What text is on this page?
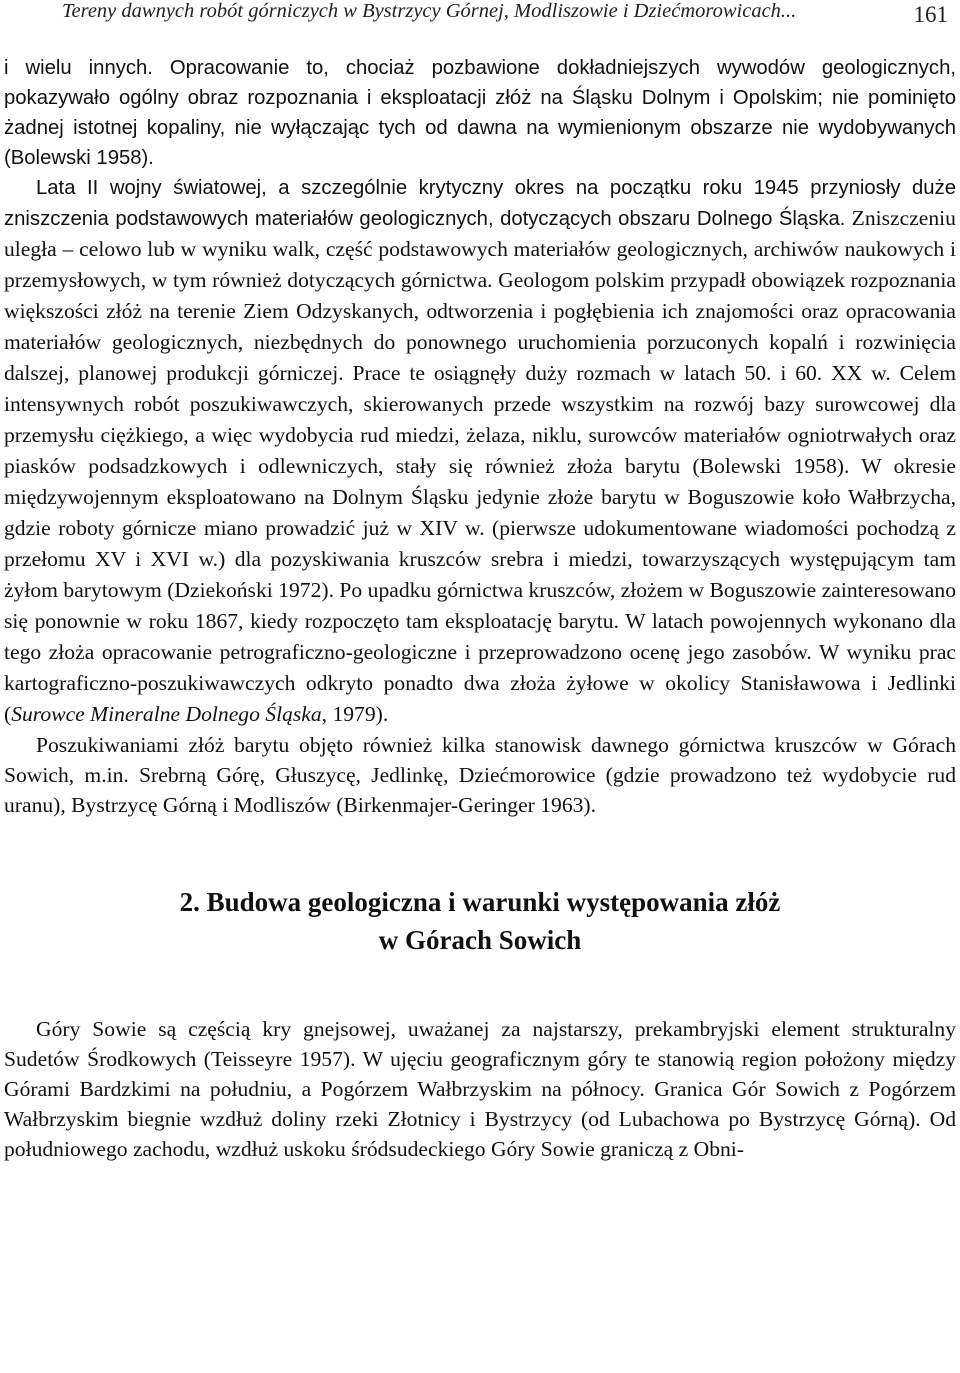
Tereny dawnych robót górniczych w Bystrzycy Górnej, Modliszowie i Dziećmorowicach...	161

i wielu innych. Opracowanie to, chociaż pozbawione dokładniejszych wywodów geologicznych, pokazywało ogólny obraz rozpoznania i eksploatacji złóż na Śląsku Dolnym i Opolskim; nie pominięto żadnej istotnej kopaliny, nie wyłączając tych od dawna na wymienionym obszarze nie wydobywanych (Bolewski 1958).

Lata II wojny światowej, a szczególnie krytyczny okres na początku roku 1945 przyniosły duże zniszczenia podstawowych materiałów geologicznych, dotyczących obszaru Dolnego Śląska. Zniszczeniu uległa – celowo lub w wyniku walk, część podstawowych materiałów geologicznych, archiwów naukowych i przemysłowych, w tym również dotyczących górnictwa. Geologom polskim przypadł obowiązek rozpoznania większości złóż na terenie Ziem Odzyskanych, odtworzenia i pogłębienia ich znajomości oraz opracowania materiałów geologicznych, niezbędnych do ponownego uruchomienia porzuconych kopalń i rozwinięcia dalszej, planowej produkcji górniczej. Prace te osiągnęły duży rozmach w latach 50. i 60. XX w. Celem intensywnych robót poszukiwawczych, skierowanych przede wszystkim na rozwój bazy surowcowej dla przemysłu ciężkiego, a więc wydobycia rud miedzi, żelaza, niklu, surowców materiałów ogniotrwałych oraz piasków podsadzkowych i odlewniczych, stały się również złoża barytu (Bolewski 1958). W okresie międzywojennym eksploatowano na Dolnym Śląsku jedynie złoże barytu w Boguszowie koło Wałbrzycha, gdzie roboty górnicze miano prowadzić już w XIV w. (pierwsze udokumentowane wiadomości pochodzą z przełomu XV i XVI w.) dla pozyskiwania kruszców srebra i miedzi, towarzyszących występującym tam żyłom barytowym (Dziekoński 1972). Po upadku górnictwa kruszców, złożem w Boguszowie zainteresowano się ponownie w roku 1867, kiedy rozpoczęto tam eksploatację barytu. W latach powojennych wykonano dla tego złoża opracowanie petrograficzno-geologiczne i przeprowadzono ocenę jego zasobów. W wyniku prac kartograficzno-poszukiwawczych odkryto ponadto dwa złoża żyłowe w okolicy Stanisławowa i Jedlinki (Surowce Mineralne Dolnego Śląska, 1979).

Poszukiwaniami złóż barytu objęto również kilka stanowisk dawnego górnictwa kruszców w Górach Sowich, m.in. Srebrną Górę, Głuszycę, Jedlinkę, Dziećmorowice (gdzie prowadzono też wydobycie rud uranu), Bystrzycę Górną i Modliszów (Birkenmajer-Geringer 1963).

2. Budowa geologiczna i warunki występowania złóż
w Górach Sowich

Góry Sowie są częścią kry gnejsowej, uważanej za najstarszy, prekambryjski element strukturalny Sudetów Środkowych (Teisseyre 1957). W ujęciu geograficznym góry te stanowią region położony między Górami Bardzkimi na południu, a Pogórzem Wałbrzyskim na północy. Granica Gór Sowich z Pogórzem Wałbrzyskim biegnie wzdłuż doliny rzeki Złotnicy i Bystrzycy (od Lubachowa po Bystrzycę Górną). Od południowego zachodu, wzdłuż uskoku śródsudeckiego Góry Sowie graniczą z Obni-
